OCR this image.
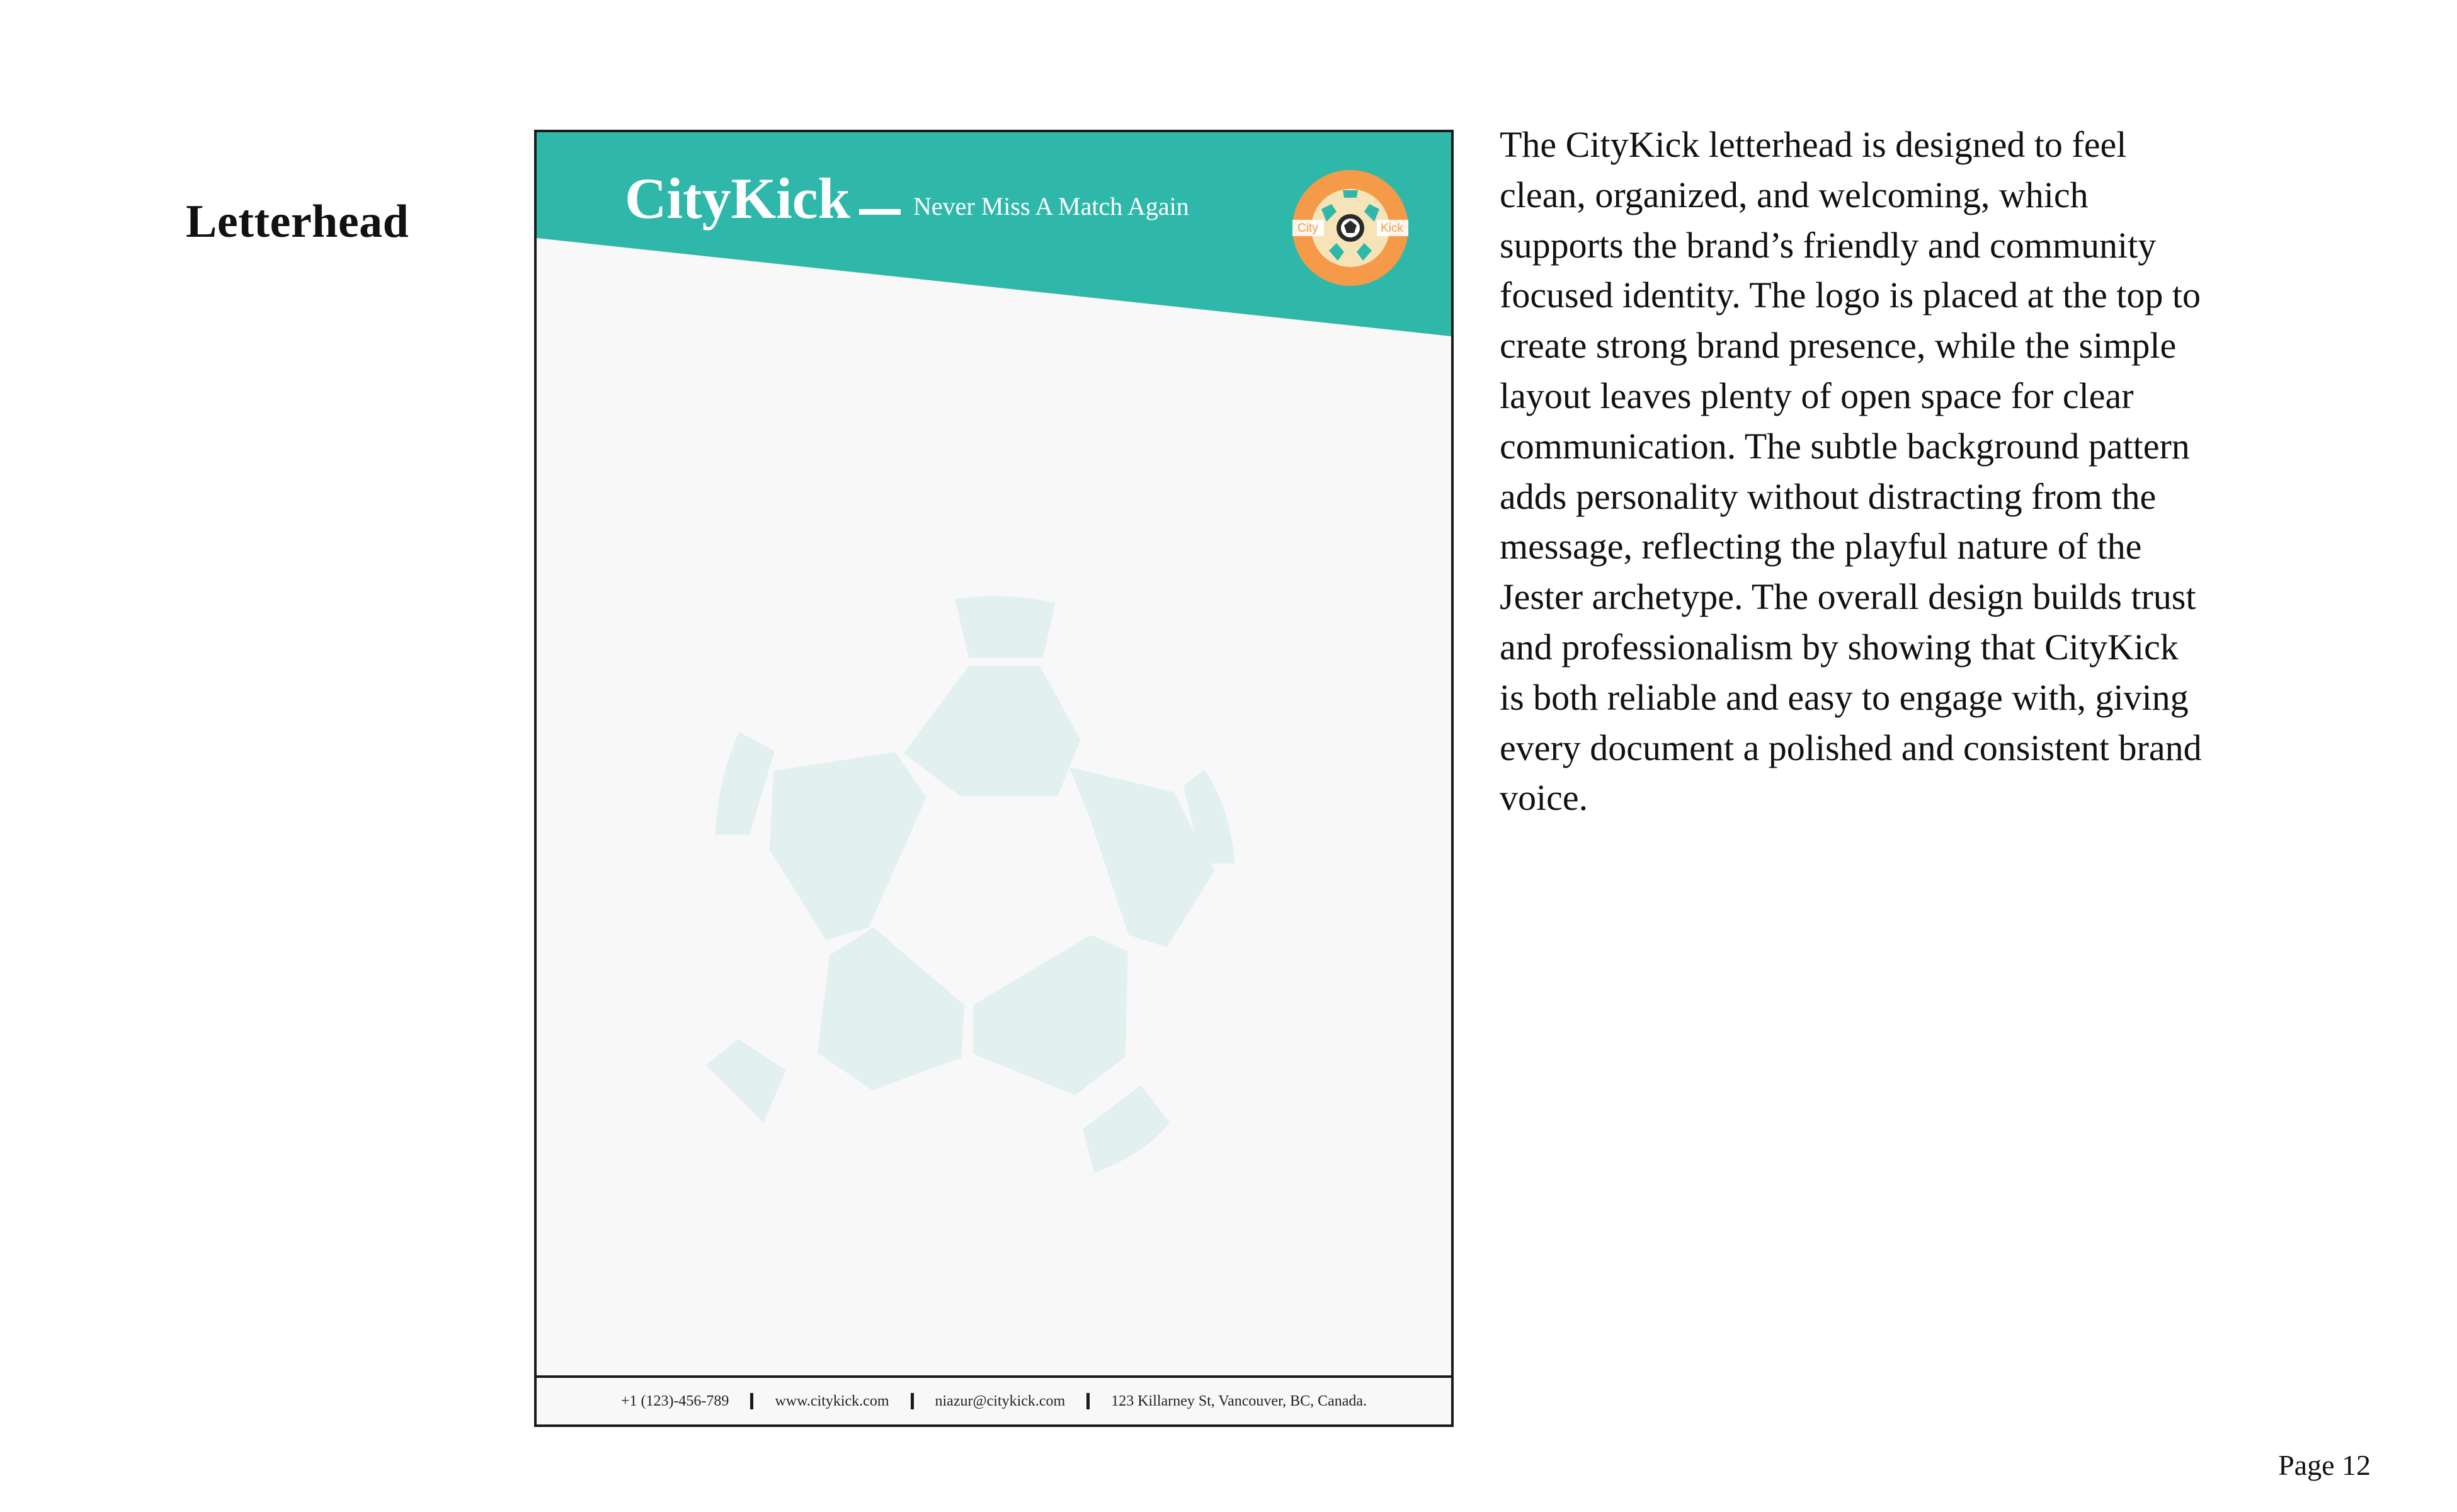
Letterhead	CityKick	Never Miss A Match Again

City	Kick
+1 (123)-456-789	www.citykick.com	niazur@citykick.com	123 Killarney St, Vancouver, BC, Canada.

The CityKick letterhead is designed to feel clean, organized, and welcoming, which supports the brand’s friendly and community focused identity. The logo is placed at the top to create strong brand presence, while the simple layout leaves plenty of open space for clear communication. The subtle background pattern adds personality without distracting from the message, reflecting the playful nature of the Jester archetype. The overall design builds trust and professionalism by showing that CityKick is both reliable and easy to engage with, giving every document a polished and consistent brand voice.

Page 12
